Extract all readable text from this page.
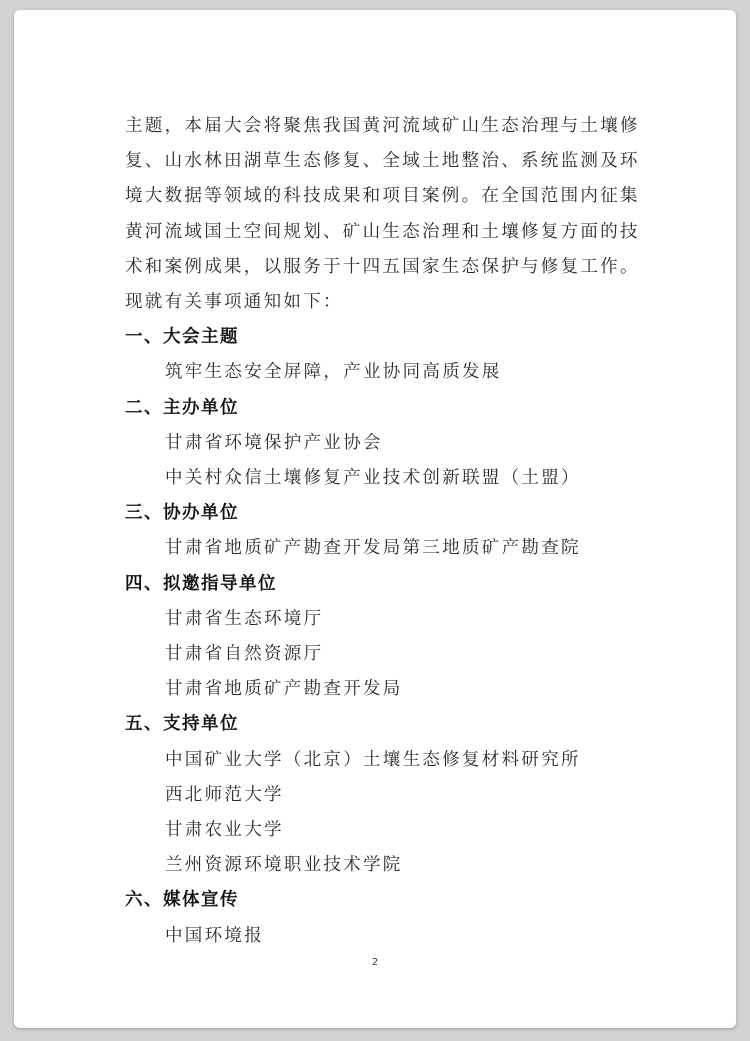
主题，本届大会将聚焦我国黄河流域矿山生态治理与土壤修

复、山水林田湖草生态修复、全域土地整治、系统监测及环

境大数据等领域的科技成果和项目案例。在全国范围内征集

黄河流域国土空间规划、矿山生态治理和土壤修复方面的技

术和案例成果，以服务于十四五国家生态保护与修复工作。

现就有关事项通知如下：

一、大会主题

筑牢生态安全屏障，产业协同高质发展

二、主办单位

甘肃省环境保护产业协会

中关村众信土壤修复产业技术创新联盟（土盟）

三、协办单位

甘肃省地质矿产勘查开发局第三地质矿产勘查院

四、拟邀指导单位

甘肃省生态环境厅

甘肃省自然资源厅

甘肃省地质矿产勘查开发局

五、支持单位

中国矿业大学（北京）土壤生态修复材料研究所

西北师范大学

甘肃农业大学

兰州资源环境职业技术学院

六、媒体宣传

中国环境报

2
